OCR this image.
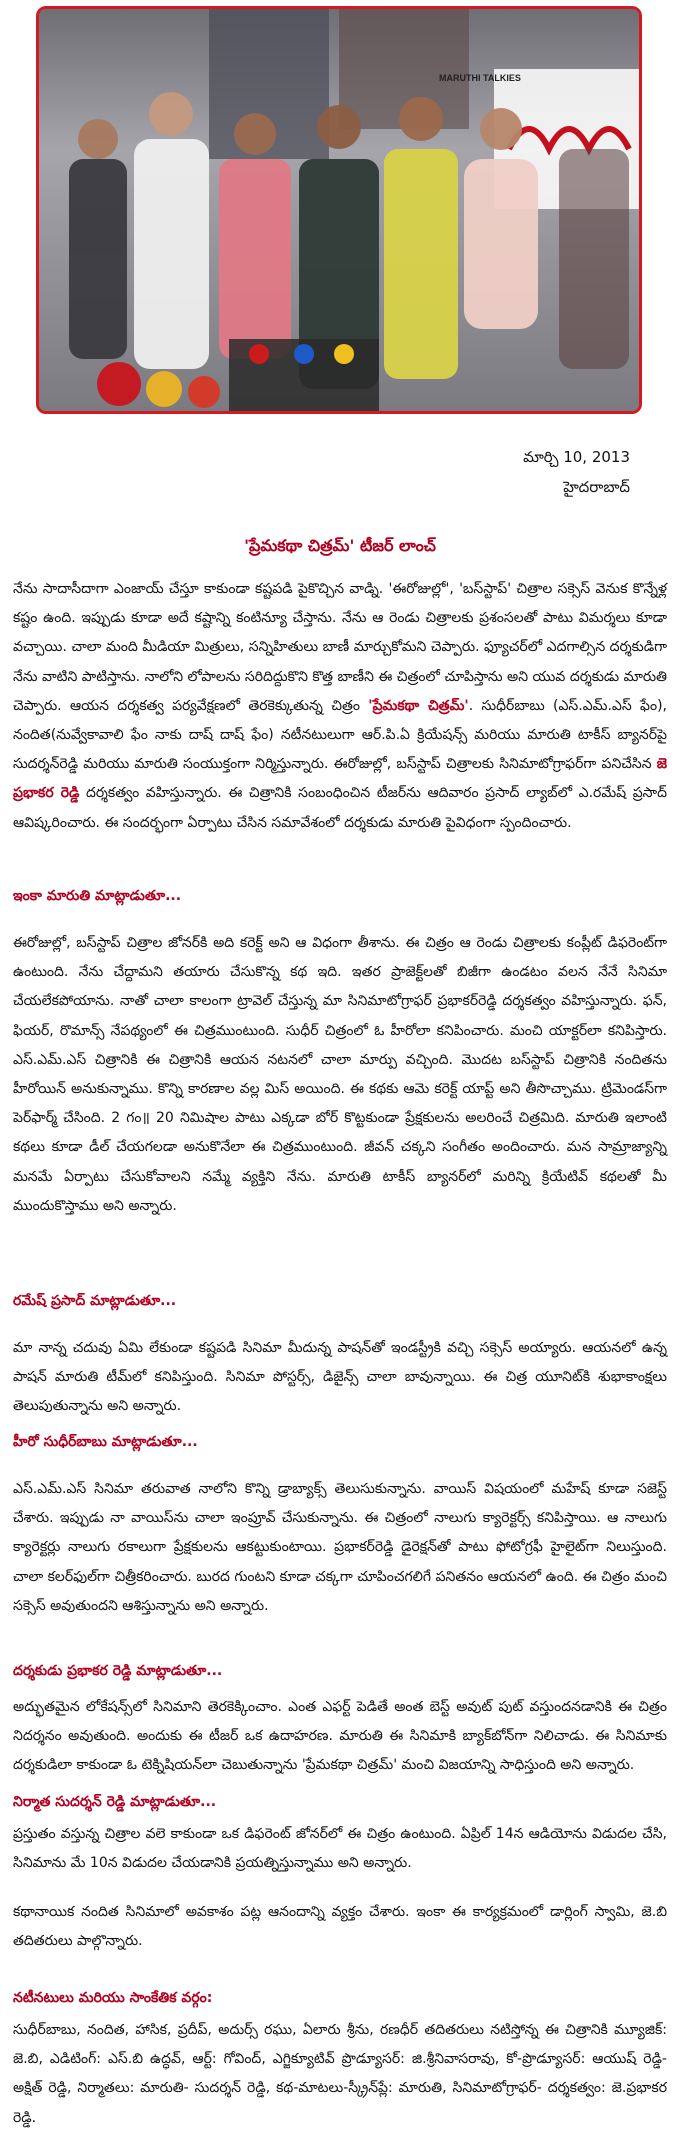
MARUTHI TALKIES
మార్చి 10, 2013
హైదరాబాద్
'ప్రేమకథా చిత్రమ్' టీజర్ లాంచ్

నేను సాదాసీదాగా ఎంజాయ్ చేస్తూ కాకుండా కష్టపడి పైకొచ్చిన వాడ్ని. 'ఈరోజుల్లో', 'బస్‌స్టాప్' చిత్రాల సక్సెస్ వెనుక కొన్నేళ్ల కష్టం ఉంది. ఇప్పుడు కూడా అదే కష్టాన్ని కంటిన్యూ చేస్తాను. నేను ఆ రెండు చిత్రాలకు ప్రశంసలతో పాటు విమర్శలు కూడా వచ్చాయి. చాలా మంది మీడియా మిత్రులు, సన్నిహితులు బాణీ మార్చుకోమని చెప్పారు. ఫ్యూచర్‌లో ఎదగాల్సిన దర్శకుడిగా నేను వాటిని పాటిస్తాను. నాలోని లోపాలను సరిదిద్దుకొని కొత్త బాణీని ఈ చిత్రంలో చూపిస్తాను అని యువ దర్శకుడు మారుతి చెప్పారు. ఆయన దర్శకత్వ పర్యవేక్షణలో తెరకెక్కుతున్న చిత్రం 'ప్రేమకథా చిత్రమ్'. సుధీర్‌బాబు (ఎస్.ఎమ్.ఎస్ ఫేం), నందిత(నువ్వేకావాలి ఫేం నాకు దాష్ దాష్ ఫేం) నటీనటులుగా ఆర్.పి.ఏ క్రియేషన్స్ మరియు మారుతి టాకీస్ బ్యానర్‌పై సుదర్శన్‌రెడ్డి మరియు మారుతి సంయుక్తంగా నిర్మిస్తున్నారు. ఈరోజుల్లో, బస్‌స్టాప్ చిత్రాలకు సినిమాటోగ్రాఫర్‌గా పనిచేసిన జె ప్రభాకర రెడ్డి దర్శకత్వం వహిస్తున్నారు. ఈ చిత్రానికి సంబంధించిన టీజర్‌ను ఆదివారం ప్రసాద్ ల్యాబ్‌లో ఎ.రమేష్ ప్రసాద్ ఆవిష్కరించారు. ఈ సందర్భంగా ఏర్పాటు చేసిన సమావేశంలో దర్శకుడు మారుతి పైవిధంగా స్పందించారు.

ఇంకా మారుతి మాట్లాడుతూ...

ఈరోజుల్లో, బస్‌స్టాప్ చిత్రాల జోనర్‌కి అది కరెక్ట్ అని ఆ విధంగా తీశాను. ఈ చిత్రం ఆ రెండు చిత్రాలకు కంప్లీట్ డిఫరెంట్‌గా ఉంటుంది. నేను చేద్దామని తయారు చేసుకొన్న కథ ఇది. ఇతర ప్రాజెక్ట్‌లతో బిజీగా ఉండటం వలన నేనే సినిమా చేయలేకపోయాను. నాతో చాలా కాలంగా ట్రావెల్ చేస్తున్న మా సినిమాటోగ్రాఫర్ ప్రభాకర్‌రెడ్డి దర్శకత్వం వహిస్తున్నారు. ఫన్, ఫియర్, రొమాన్స్ నేపథ్యంలో ఈ చిత్రముంటుంది. సుధీర్‌ చిత్రంలో ఓ హీరోలా కనిపించారు. మంచి యాక్టర్‌లా కనిపిస్తారు. ఎస్.ఎమ్.ఎస్ చిత్రానికి ఈ చిత్రానికి ఆయన నటనలో చాలా మార్పు వచ్చింది. మొదట బస్‌స్టాప్ చిత్రానికి నందితను హీరోయిన్ అనుకున్నాము. కొన్ని కారణాల వల్ల మిస్ అయింది. ఈ కథకు ఆమె కరెక్ట్ యాప్ట్ అని తీసొచ్చాము. ట్రిమెండస్‌గా పెర్‌ఫార్మ్ చేసింది. 2 గం॥ 20 నిమిషాల పాటు ఎక్కడా బోర్ కొట్టకుండా ప్రేక్షకులను అలరించే చిత్రమిది. మారుతి ఇలాంటి కథలు కూడా డీల్ చేయగలడా అనుకొనేలా ఈ చిత్రముంటుంది. జీవన్ చక్కని సంగీతం అందించారు. మన సామ్రాజ్యాన్ని మనమే ఏర్పాటు చేసుకోవాలని నమ్మే వ్యక్తిని నేను. మారుతి టాకీస్ బ్యానర్‌లో మరిన్ని క్రియేటివ్ కథలతో మీ ముందుకొస్తాము అని అన్నారు.

రమేష్ ప్రసాద్ మాట్లాడుతూ...

మా నాన్న చదువు ఏమి లేకుండా కష్టపడి సినిమా మీదున్న పాషన్‌తో ఇండస్ట్రీకి వచ్చి సక్సెస్ అయ్యారు. ఆయనలో ఉన్న పాషన్ మారుతి టీమ్‌లో కనిపిస్తుంది. సినిమా పోస్టర్స్, డిజైన్స్ చాలా బావున్నాయి. ఈ చిత్ర యూనిట్‌కి శుభాకాంక్షలు తెలుపుతున్నాను అని అన్నారు.

హీరో సుధీర్‌బాబు మాట్లాడుతూ...

ఎస్.ఎమ్.ఎస్ సినిమా తరువాత నాలోని కొన్ని డ్రాబ్యాక్స్ తెలుసుకున్నాను. వాయిస్ విషయంలో మహేష్ కూడా సజెస్ట్ చేశారు. ఇప్పుడు నా వాయిస్‌ను చాలా ఇంప్రూవ్ చేసుకున్నాను. ఈ చిత్రంలో నాలుగు క్యారెక్టర్స్ కనిపిస్తాయి. ఆ నాలుగు క్యారెక్టర్లు నాలుగు రకాలుగా ప్రేక్షకులను ఆకట్టుకుంటాయి. ప్రభాకర్‌రెడ్డి డైరెక్షన్‌తో పాటు ఫోటోగ్రఫీ హైలైట్‌గా నిలుస్తుంది. చాలా కలర్‌ఫుల్‌గా చిత్రీకరించారు. బురద గుంటని కూడా చక్కగా చూపించగలిగే పనితనం ఆయనలో ఉంది. ఈ చిత్రం మంచి సక్సెస్ అవుతుందని ఆశిస్తున్నాను అని అన్నారు.

దర్శకుడు ప్రభాకర రెడ్డి మాట్లాడుతూ...

అద్భుతమైన లోకేషన్స్‌లో సినిమాని తెరకెక్కించాం. ఎంత ఎఫర్ట్ పెడితే అంత బెస్ట్ అవుట్ పుట్ వస్తుందనడానికి ఈ చిత్రం నిదర్శనం అవుతుంది. అందుకు ఈ టీజర్ ఒక ఉదాహరణ. మారుతి ఈ సినిమాకి బ్యాక్‌బోన్‌గా నిలిచాడు. ఈ సినిమాకు దర్శకుడిలా కాకుండా ఓ టెక్నిషియన్‌లా చెబుతున్నాను 'ప్రేమకథా చిత్రమ్' మంచి విజయాన్ని సాధిస్తుంది అని అన్నారు.

నిర్మాత సుదర్శన్ రెడ్డి మాట్లాడుతూ...

ప్రస్తుతం వస్తున్న చిత్రాల వలె కాకుండా ఒక డిఫరెంట్ జోనర్‌లో ఈ చిత్రం ఉంటుంది. ఏప్రిల్ 14న ఆడియోను విడుదల చేసి, సినిమాను మే 10న విడుదల చేయడానికి ప్రయత్నిస్తున్నాము అని అన్నారు.

కథానాయిక నందిత సినిమాలో అవకాశం పట్ల ఆనందాన్ని వ్యక్తం చేశారు. ఇంకా ఈ కార్యక్రమంలో డార్లింగ్ స్వామి, జె.బి తదితరులు పాల్గొన్నారు.

నటీనటులు మరియు సాంకేతిక వర్గం:

సుధీర్‌బాబు, నందిత, హాసిక, ప్రదీప్, అదుర్స్ రఘు, ఏలారు శ్రీను, రణధీర్ తదితరులు నటిస్తోన్న ఈ చిత్రానికి మ్యూజిక్: జె.బి, ఎడిటింగ్: ఎస్.బి ఉద్ధవ్, ఆర్ట్: గోవింద్, ఎగ్జిక్యూటివ్ ప్రొడ్యూసర్: జి.శ్రీనివాసరావు, కో-ప్రొడ్యూసర్: ఆయుష్ రెడ్డి- అక్షిత్ రెడ్డి, నిర్మాతలు: మారుతి- సుదర్శన్ రెడ్డి, కథ-మాటలు-స్క్రీన్‌ప్లే: మారుతి, సినిమాటోగ్రాఫర్- దర్శకత్వం: జె.ప్రభాకర రెడ్డి.
